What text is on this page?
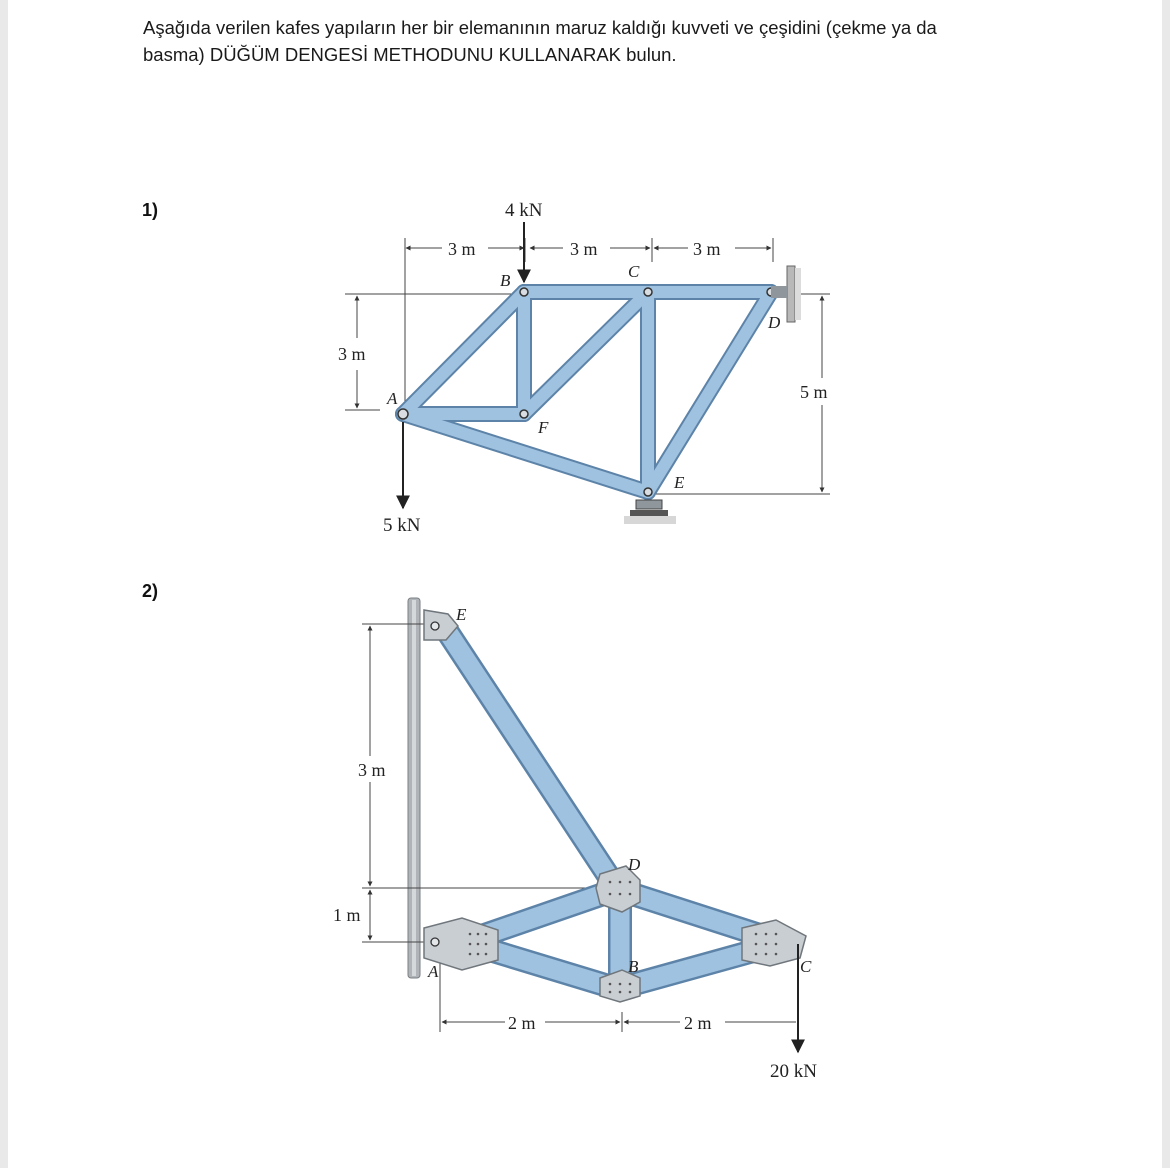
Aşağıda verilen kafes yapıların her bir elemanının maruz kaldığı kuvveti ve çeşidini (çekme ya da
basma) DÜĞÜM DENGESİ METHODUNU KULLANARAK bulun.
1)
2)
4 kN
5 kN
3 m	3 m	3 m
3 m
5 m
A
B	C
D
E
F
20 kN
3 m
1 m
2 m	2 m
A	B	C
D
E
